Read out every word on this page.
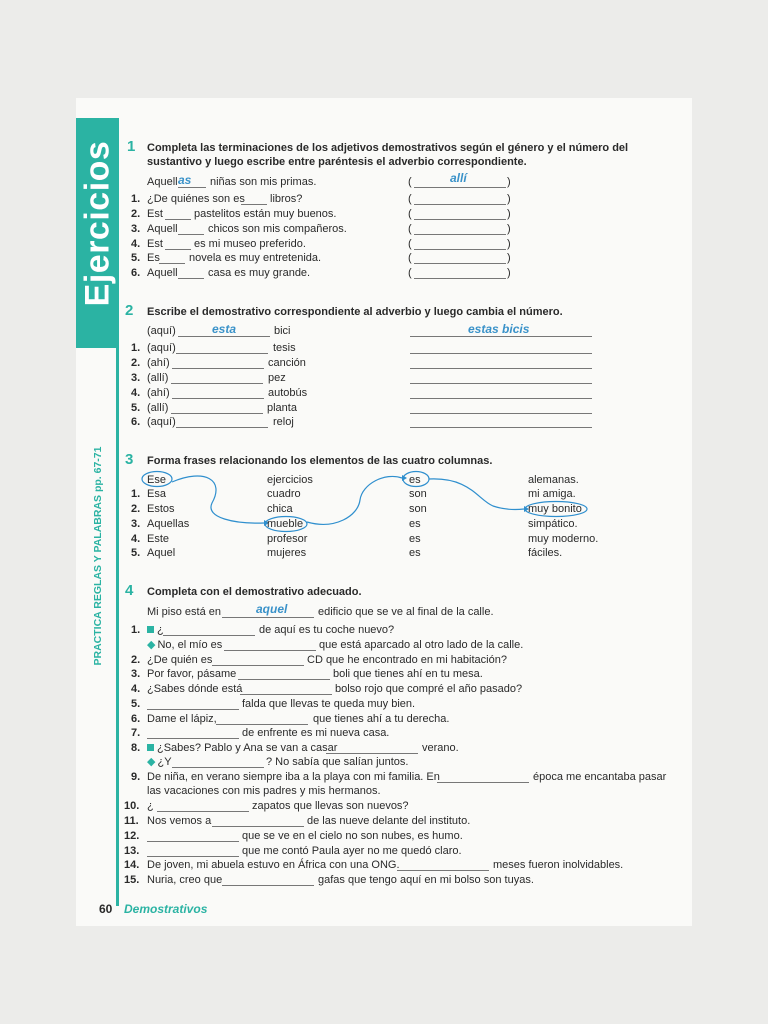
Ejercicios
PRACTICA REGLAS Y PALABRAS pp. 67-71
1 Completa las terminaciones de los adjetivos demostrativos según el género y el número del
sustantivo y luego escribe entre paréntesis el adverbio correspondiente.
Aquell as niñas son mis primas.	(	allí	)
1. ¿De quiénes son es libros?	(	)
2. Est	pastelitos están muy buenos.	(	)
3. Aquell	chicos son mis compañeros.	(	)
4. Est	es mi museo preferido.	(	)
5. Es	novela es muy entretenida.	(	)
6. Aquell	casa es muy grande.	(	)
2 Escribe el demostrativo correspondiente al adverbio y luego cambia el número.
(aquí)	esta	bici	estas bicis
1. (aquí)	tesis
2. (ahí)	canción
3. (allí)	pez
4. (ahí)	autobús
5. (allí)	planta
6. (aquí)	reloj
3 Forma frases relacionando los elementos de las cuatro columnas.
Ese	ejercicios	es	alemanas.
1. Esa	cuadro	son	mi amiga.
2. Estos	chica	son	muy bonito
3. Aquellas	mueble	es	simpático.
4. Este	profesor	es	muy moderno.
5. Aquel	mujeres	es	fáciles.
4 Completa con el demostrativo adecuado.
Mi piso está en	aquel	edificio que se ve al final de la calle.
1.	¿	de aquí es tu coche nuevo?
◆ No, el mío es	que está aparcado al otro lado de la calle.
2. ¿De quién es	CD que he encontrado en mi habitación?
3. Por favor, pásame	boli que tienes ahí en tu mesa.
4. ¿Sabes dónde está	bolso rojo que compré el año pasado?
5.	falda que llevas te queda muy bien.
6. Dame el lápiz,	que tienes ahí a tu derecha.
7.	de enfrente es mi nueva casa.
8.	¿Sabes? Pablo y Ana se van a casar	verano.
◆ ¿Y	? No sabía que salían juntos.
9. De niña, en verano siempre iba a la playa con mi familia. En	época me encantaba pasar
las vacaciones con mis padres y mis hermanos.
10. ¿	zapatos que llevas son nuevos?
11. Nos vemos a	de las nueve delante del instituto.
12.	que se ve en el cielo no son nubes, es humo.
13.	que me contó Paula ayer no me quedó claro.
14. De joven, mi abuela estuvo en África con una ONG.	meses fueron inolvidables.
15. Nuria, creo que	gafas que tengo aquí en mi bolso son tuyas.
60 Demostrativos
